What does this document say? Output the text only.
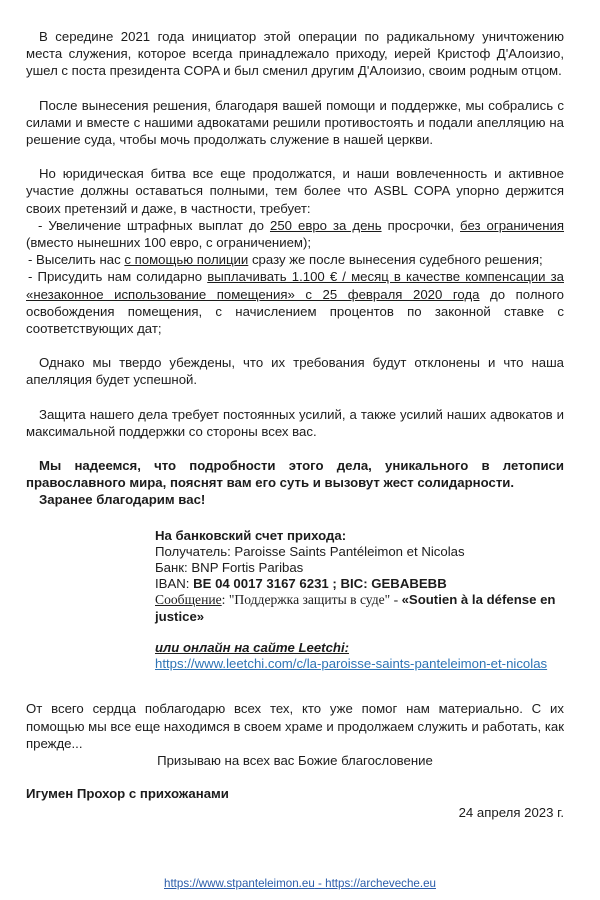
В середине 2021 года инициатор этой операции по радикальному уничтожению места служения, которое всегда принадлежало приходу, иерей Кристоф Д'Алоизио, ушел с поста президента COPA и был сменил другим Д'Алоизио, своим родным отцом.

После вынесения решения, благодаря вашей помощи и поддержке, мы собрались с силами и вместе с нашими адвокатами решили противостоять и подали апелляцию на решение суда, чтобы мочь продолжать служение в нашей церкви.

Но юридическая битва все еще продолжатся, и наши вовлеченность и активное участие должны оставаться полными, тем более что ASBL COPA упорно держится своих претензий и даже, в частности, требует:

- Увеличение штрафных выплат до 250 евро за день просрочки, без ограничения (вместо нынешних 100 евро, с ограничением);

- Выселить нас с помощью полиции сразу же после вынесения судебного решения;

- Присудить нам солидарно выплачивать 1.100 € / месяц в качестве компенсации за «незаконное использование помещения» с 25 февраля 2020 года до полного освобождения помещения, с начислением процентов по законной ставке с соответствующих дат;

Однако мы твердо убеждены, что их требования будут отклонены и что наша апелляция будет успешной.

Защита нашего дела требует постоянных усилий, а также усилий наших адвокатов и максимальной поддержки со стороны всех вас.

Мы надеемся, что подробности этого дела, уникального в летописи православного мира, пояснят вам его суть и вызовут жест солидарности.

Заранее благодарим вас!

На банковский счет прихода:

Получатель: Paroisse Saints Pantéleimon et Nicolas

Банк: BNP Fortis Paribas

IBAN: BE 04 0017 3167 6231 ; BIC: GEBABEBB

Сообщение: "Поддержка защиты в суде" - «Soutien à la défense en justice»

или онлайн на сайте Leetchi:

https://www.leetchi.com/c/la-paroisse-saints-panteleimon-et-nicolas

От всего сердца поблагодарю всех тех, кто уже помог нам материально. С их помощью мы все еще находимся в своем храме и продолжаем служить и работать, как прежде...

Призываю на всех вас Божие благословение

Игумен Прохор с прихожанами

24 апреля 2023 г.

https://www.stpanteleimon.eu - https://archeveche.eu
